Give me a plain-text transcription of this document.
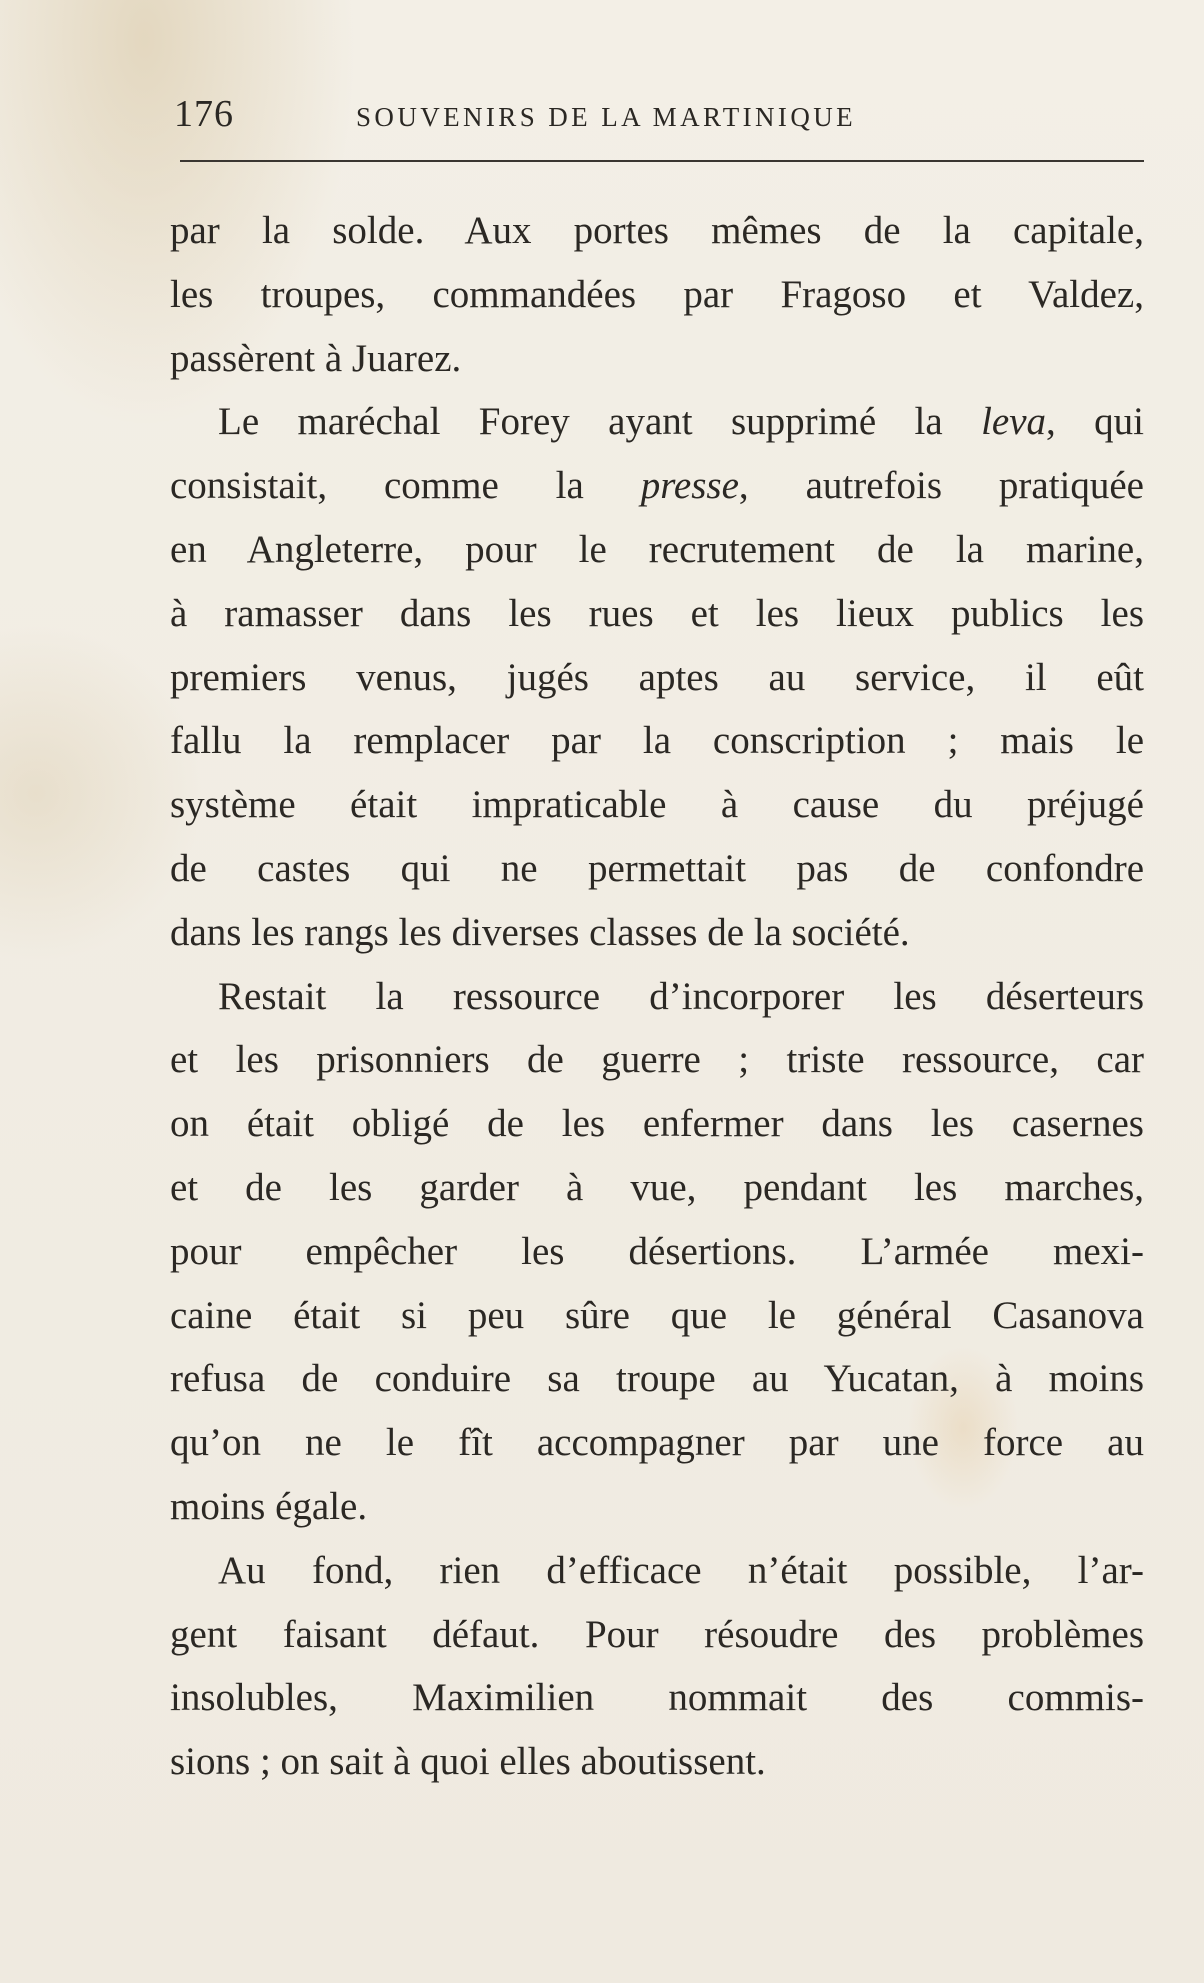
176	SOUVENIRS DE LA MARTINIQUE
par la solde. Aux portes mêmes de la capitale,
les troupes, commandées par Fragoso et Valdez,
passèrent à Juarez.
Le maréchal Forey ayant supprimé la leva, qui
consistait, comme la presse, autrefois pratiquée
en Angleterre, pour le recrutement de la marine,
à ramasser dans les rues et les lieux publics les
premiers venus, jugés aptes au service, il eût
fallu la remplacer par la conscription ; mais le
système était impraticable à cause du préjugé
de castes qui ne permettait pas de confondre
dans les rangs les diverses classes de la société.
Restait la ressource d’incorporer les déserteurs
et les prisonniers de guerre ; triste ressource, car
on était obligé de les enfermer dans les casernes
et de les garder à vue, pendant les marches,
pour empêcher les désertions. L’armée mexi-
caine était si peu sûre que le général Casanova
refusa de conduire sa troupe au Yucatan, à moins
qu’on ne le fît accompagner par une force au
moins égale.
Au fond, rien d’efficace n’était possible, l’ar-
gent faisant défaut. Pour résoudre des problèmes
insolubles, Maximilien nommait des commis-
sions ; on sait à quoi elles aboutissent.
